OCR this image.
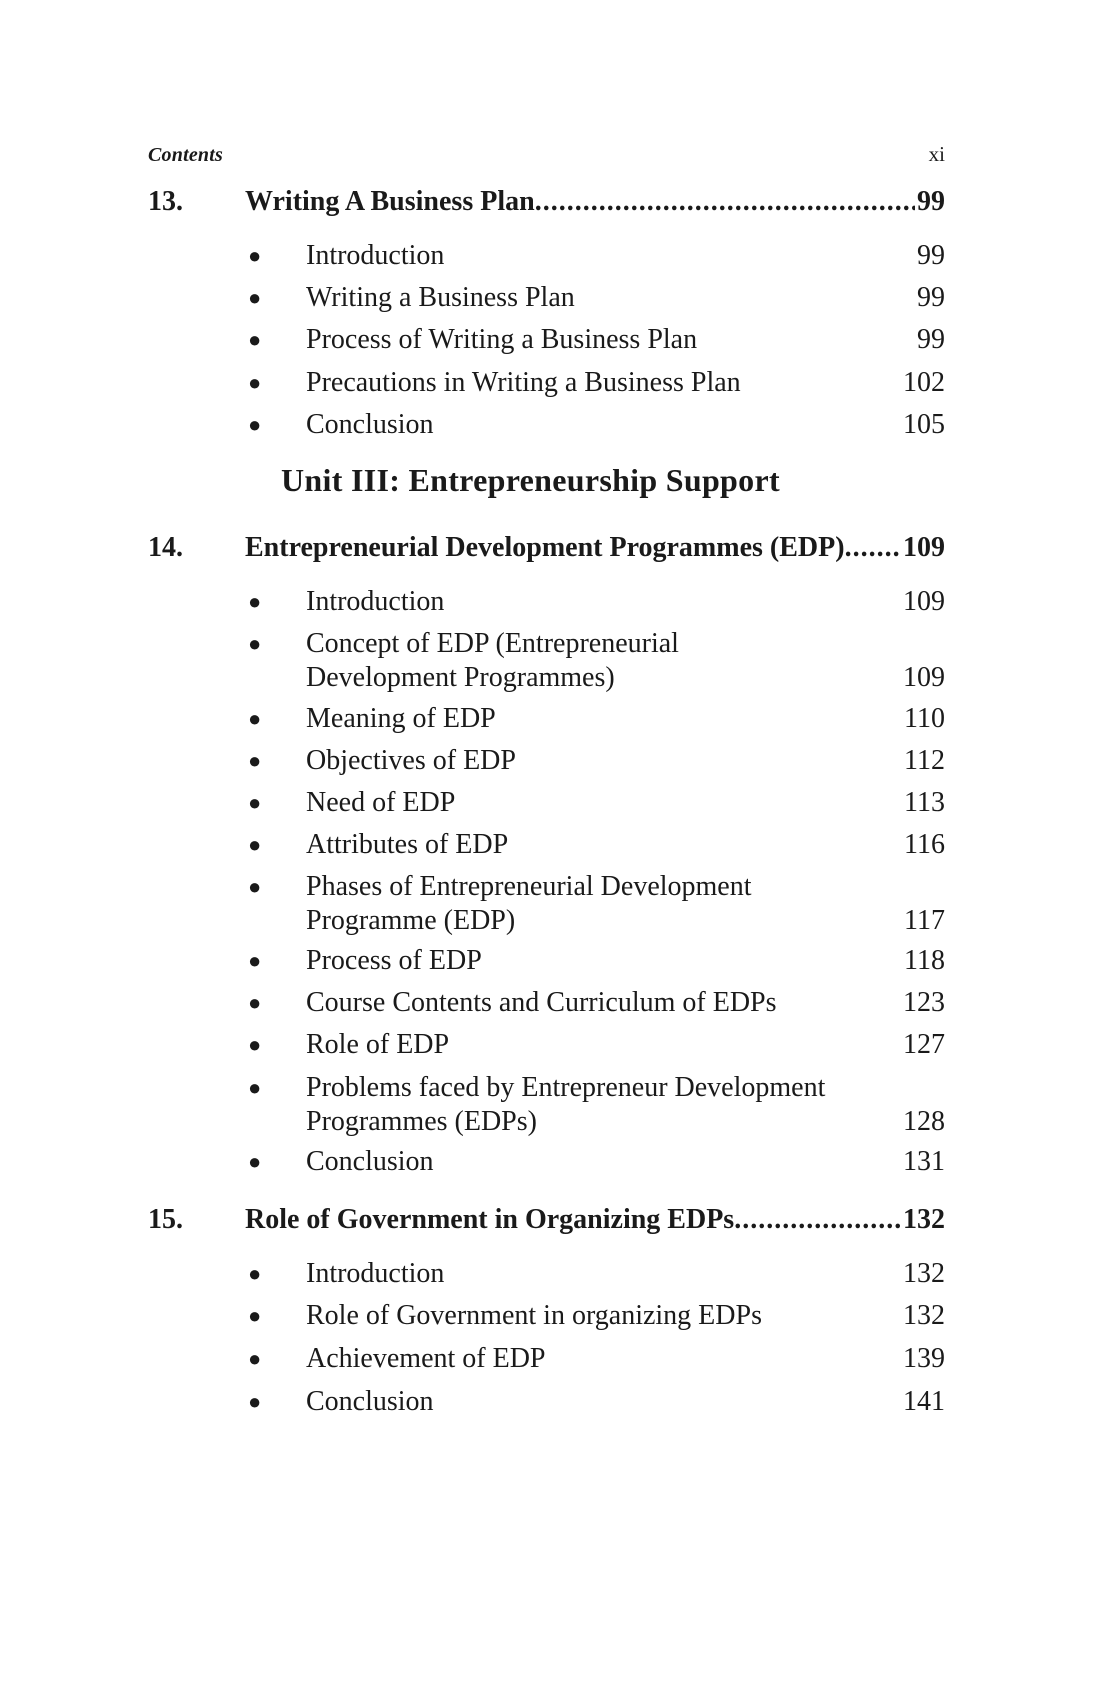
Contents	xi
13.	Writing A Business Plan .....	99
● Introduction	99
● Writing a Business Plan	99
● Process of Writing a Business Plan	99
● Precautions in Writing a Business Plan	102
● Conclusion	105
Unit III: Entrepreneurship Support
14.	Entrepreneurial Development Programmes (EDP) ..... 109
● Introduction	109
● Concept of EDP (Entrepreneurial
Development Programmes)	109
● Meaning of EDP	110
● Objectives of EDP	112
● Need of EDP	113
● Attributes of EDP	116
● Phases of Entrepreneurial Development
Programme (EDP)	117
● Process of EDP	118
● Course Contents and Curriculum of EDPs	123
● Role of EDP	127
● Problems faced by Entrepreneur Development
Programmes (EDPs)	128
● Conclusion	131
15.	Role of Government in Organizing EDPs .....	132
● Introduction	132
● Role of Government in organizing EDPs	132
● Achievement of EDP	139
● Conclusion	141
